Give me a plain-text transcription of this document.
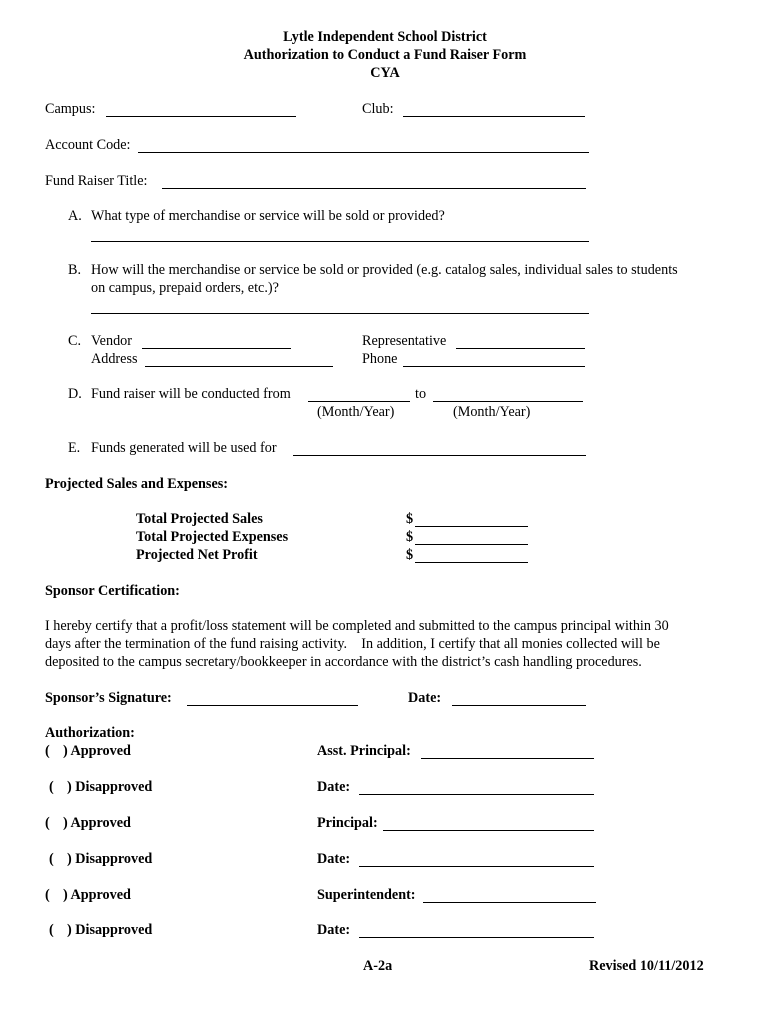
Lytle Independent School District
Authorization to Conduct a Fund Raiser Form
CYA
Campus:	Club:
Account Code:
Fund Raiser Title:
A. What type of merchandise or service will be sold or provided?
B. How will the merchandise or service be sold or provided (e.g. catalog sales, individual sales to students
on campus, prepaid orders, etc.)?
C. Vendor	Representative
Address	Phone
D. Fund raiser will be conducted from	to
(Month/Year)	(Month/Year)
E. Funds generated will be used for
Projected Sales and Expenses:
Total Projected Sales	$
Total Projected Expenses	$
Projected Net Profit	$
Sponsor Certification:
I hereby certify that a profit/loss statement will be completed and submitted to the campus principal within 30
days after the termination of the fund raising activity.    In addition, I certify that all monies collected will be
deposited to the campus secretary/bookkeeper in accordance with the district’s cash handling procedures.
Sponsor’s Signature:	Date:
Authorization:
( ) Approved	Asst. Principal:
( ) Disapproved	Date:
( ) Approved	Principal:
( ) Disapproved	Date:
( ) Approved	Superintendent:
( ) Disapproved	Date:
A-2a	Revised 10/11/2012
